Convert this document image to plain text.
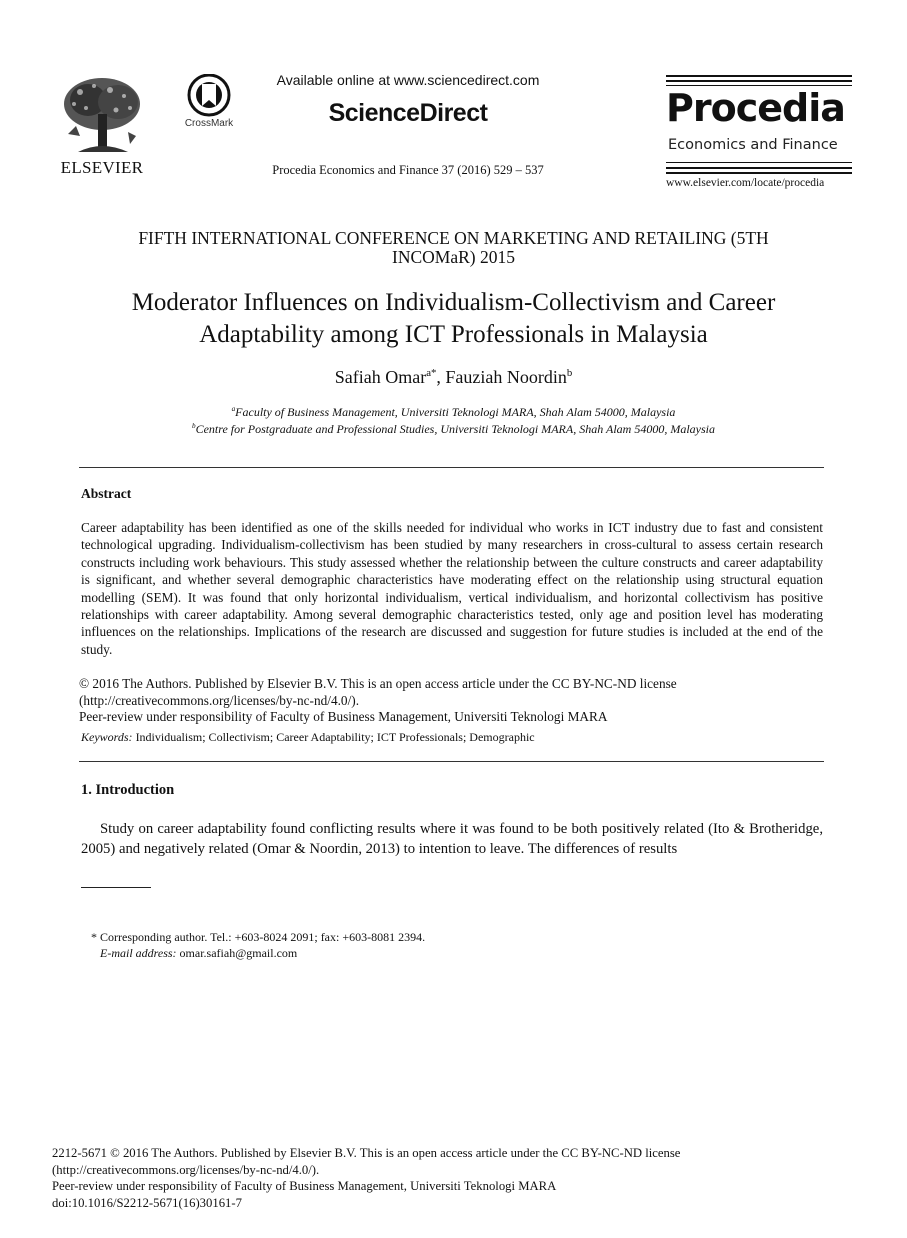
ELSEVIER
CrossMark
Available online at www.sciencedirect.com
ScienceDirect
Procedia Economics and Finance 37 (2016) 529 – 537
Procedia
Economics and Finance
www.elsevier.com/locate/procedia
FIFTH INTERNATIONAL CONFERENCE ON MARKETING AND RETAILING (5TH
INCOMaR) 2015
Moderator Influences on Individualism-Collectivism and Career
Adaptability among ICT Professionals in Malaysia
Safiah Omar$^{a*}$, Fauziah Noordin$^b$
$^a$Faculty of Business Management, Universiti Teknologi MARA, Shah Alam 54000, Malaysia
$^b$Centre for Postgraduate and Professional Studies, Universiti Teknologi MARA, Shah Alam 54000, Malaysia
Abstract
Career adaptability has been identified as one of the skills needed for individual who works in ICT industry due to fast and consistent technological upgrading. Individualism-collectivism has been studied by many researchers in cross-cultural to assess certain research constructs including work behaviours. This study assessed whether the relationship between the culture constructs and career adaptability is significant, and whether several demographic characteristics have moderating effect on the relationship using structural equation modelling (SEM). It was found that only horizontal individualism, vertical individualism, and horizontal collectivism has positive relationships with career adaptability. Among several demographic characteristics tested, only age and position level has moderating influences on the relationships. Implications of the research are discussed and suggestion for future studies is included at the end of the study.
© 2016 The Authors. Published by Elsevier B.V. This is an open access article under the CC BY-NC-ND license
(http://creativecommons.org/licenses/by-nc-nd/4.0/).
Peer-review under responsibility of Faculty of Business Management, Universiti Teknologi MARA
Keywords: Individualism; Collectivism; Career Adaptability; ICT Professionals; Demographic
1. Introduction
Study on career adaptability found conflicting results where it was found to be both positively related (Ito & Brotheridge, 2005) and negatively related (Omar & Noordin, 2013) to intention to leave. The differences of results
* Corresponding author. Tel.: +603-8024 2091; fax: +603-8081 2394.
E-mail address: omar.safiah@gmail.com
2212-5671 © 2016 The Authors. Published by Elsevier B.V. This is an open access article under the CC BY-NC-ND license
(http://creativecommons.org/licenses/by-nc-nd/4.0/).
Peer-review under responsibility of Faculty of Business Management, Universiti Teknologi MARA
doi:10.1016/S2212-5671(16)30161-7
